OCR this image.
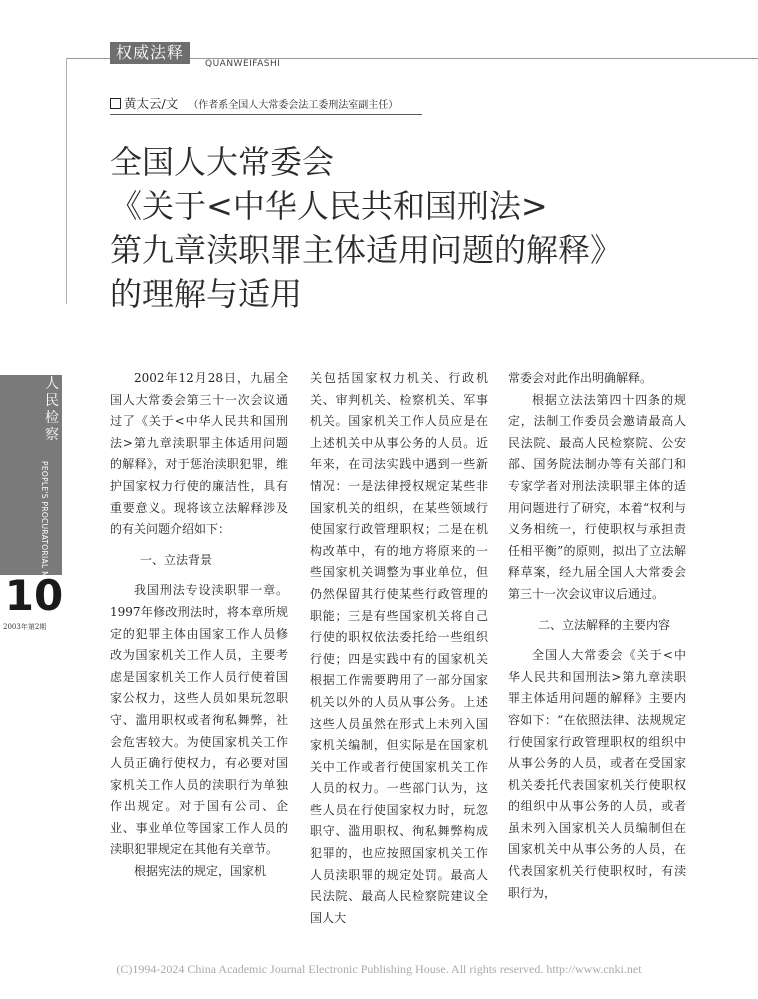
权威法释
QUANWEIFASHI
黄太云/文 （作者系全国人大常委会法工委刑法室副主任）
全国人大常委会
《关于<中华人民共和国刑法>
第九章渎职罪主体适用问题的解释》
的理解与适用
人
民
检
察
PEOPLE'S PROCURATORIAL MONTHLY
10
2003年第2期

2002年12月28日，九届全国人大常委会第三十一次会议通过了《关于<中华人民共和国刑法>第九章渎职罪主体适用问题的解释》，对于惩治渎职犯罪，维护国家权力行使的廉洁性，具有重要意义。现将该立法解释涉及的有关问题介绍如下：

一、立法背景

我国刑法专设渎职罪一章。1997年修改刑法时，将本章所规定的犯罪主体由国家工作人员修改为国家机关工作人员，主要考虑是国家机关工作人员行使着国家公权力，这些人员如果玩忽职守、滥用职权或者徇私舞弊，社会危害较大。为使国家机关工作人员正确行使权力，有必要对国家机关工作人员的渎职行为单独作出规定。对于国有公司、企业、事业单位等国家工作人员的渎职犯罪规定在其他有关章节。

根据宪法的规定，国家机

关包括国家权力机关、行政机关、审判机关、检察机关、军事机关。国家机关工作人员应是在上述机关中从事公务的人员。近年来，在司法实践中遇到一些新情况：一是法律授权规定某些非国家机关的组织，在某些领域行使国家行政管理职权；二是在机构改革中，有的地方将原来的一些国家机关调整为事业单位，但仍然保留其行使某些行政管理的职能；三是有些国家机关将自己行使的职权依法委托给一些组织行使；四是实践中有的国家机关根据工作需要聘用了一部分国家机关以外的人员从事公务。上述这些人员虽然在形式上未列入国家机关编制，但实际是在国家机关中工作或者行使国家机关工作人员的权力。一些部门认为，这些人员在行使国家权力时，玩忽职守、滥用职权、徇私舞弊构成犯罪的，也应按照国家机关工作人员渎职罪的规定处罚。最高人民法院、最高人民检察院建议全国人大

常委会对此作出明确解释。

根据立法法第四十四条的规定，法制工作委员会邀请最高人民法院、最高人民检察院、公安部、国务院法制办等有关部门和专家学者对刑法渎职罪主体的适用问题进行了研究，本着“权利与义务相统一，行使职权与承担责任相平衡”的原则，拟出了立法解释草案，经九届全国人大常委会第三十一次会议审议后通过。

二、立法解释的主要内容

全国人大常委会《关于<中华人民共和国刑法>第九章渎职罪主体适用问题的解释》主要内容如下：“在依照法律、法规规定行使国家行政管理职权的组织中从事公务的人员，或者在受国家机关委托代表国家机关行使职权的组织中从事公务的人员，或者虽未列入国家机关人员编制但在国家机关中从事公务的人员，在代表国家机关行使职权时，有渎职行为，

(C)1994-2024 China Academic Journal Electronic Publishing House. All rights reserved. http://www.cnki.net
